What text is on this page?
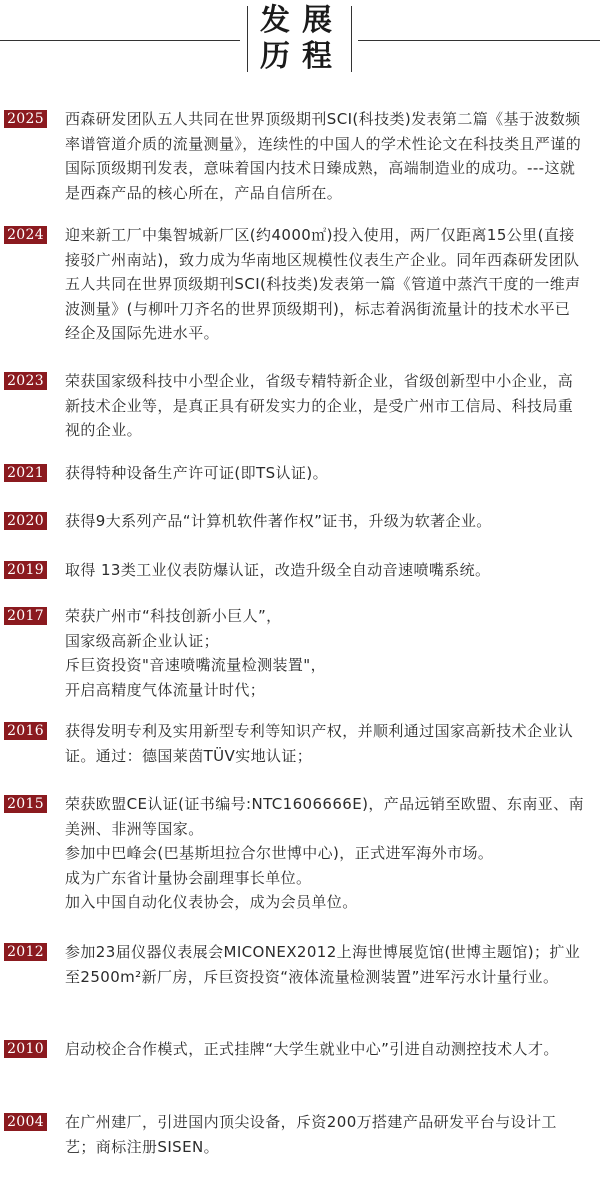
发 展
历 程
2025 西森研发团队五人共同在世界顶级期刊SCI(科技类)发表第二篇《基于波数频率谱管道介质的流量测量》，连续性的中国人的学术性论文在科技类且严谨的国际顶级期刊发表，意味着国内技术日臻成熟，高端制造业的成功。---这就是西森产品的核心所在，产品自信所在。

2024 迎来新工厂中集智城新厂区(约4000㎡)投入使用，两厂仅距离15公里(直接接驳广州南站)，致力成为华南地区规模性仪表生产企业。同年西森研发团队五人共同在世界顶级期刊SCI(科技类)发表第一篇《管道中蒸汽干度的一维声波测量》(与柳叶刀齐名的世界顶级期刊)，标志着涡街流量计的技术水平已经企及国际先进水平。

2023 荣获国家级科技中小型企业，省级专精特新企业，省级创新型中小企业，高新技术企业等，是真正具有研发实力的企业，是受广州市工信局、科技局重视的企业。

2021 获得特种设备生产许可证(即TS认证)。

2020 获得9大系列产品“计算机软件著作权”证书，升级为软著企业。

2019 取得 13类工业仪表防爆认证，改造升级全自动音速喷嘴系统。

2017 荣获广州市“科技创新小巨人”，

国家级高新企业认证；

斥巨资投资"音速喷嘴流量检测装置"，

开启高精度气体流量计时代；

2016 获得发明专利及实用新型专利等知识产权，并顺利通过国家高新技术企业认证。通过：德国莱茵TÜV实地认证；

2015 荣获欧盟CE认证(证书编号:NTC1606666E)，产品远销至欧盟、东南亚、南美洲、非洲等国家。

参加中巴峰会(巴基斯坦拉合尔世博中心)，正式进军海外市场。

成为广东省计量协会副理事长单位。

加入中国自动化仪表协会，成为会员单位。

2012 参加23届仪器仪表展会MICONEX2012上海世博展览馆(世博主题馆)；扩业至2500m²新厂房，斥巨资投资“液体流量检测装置”进军污水计量行业。

2010 启动校企合作模式，正式挂牌“大学生就业中心”引进自动测控技术人才。

2004 在广州建厂，引进国内顶尖设备，斥资200万搭建产品研发平台与设计工艺；商标注册SISEN。
